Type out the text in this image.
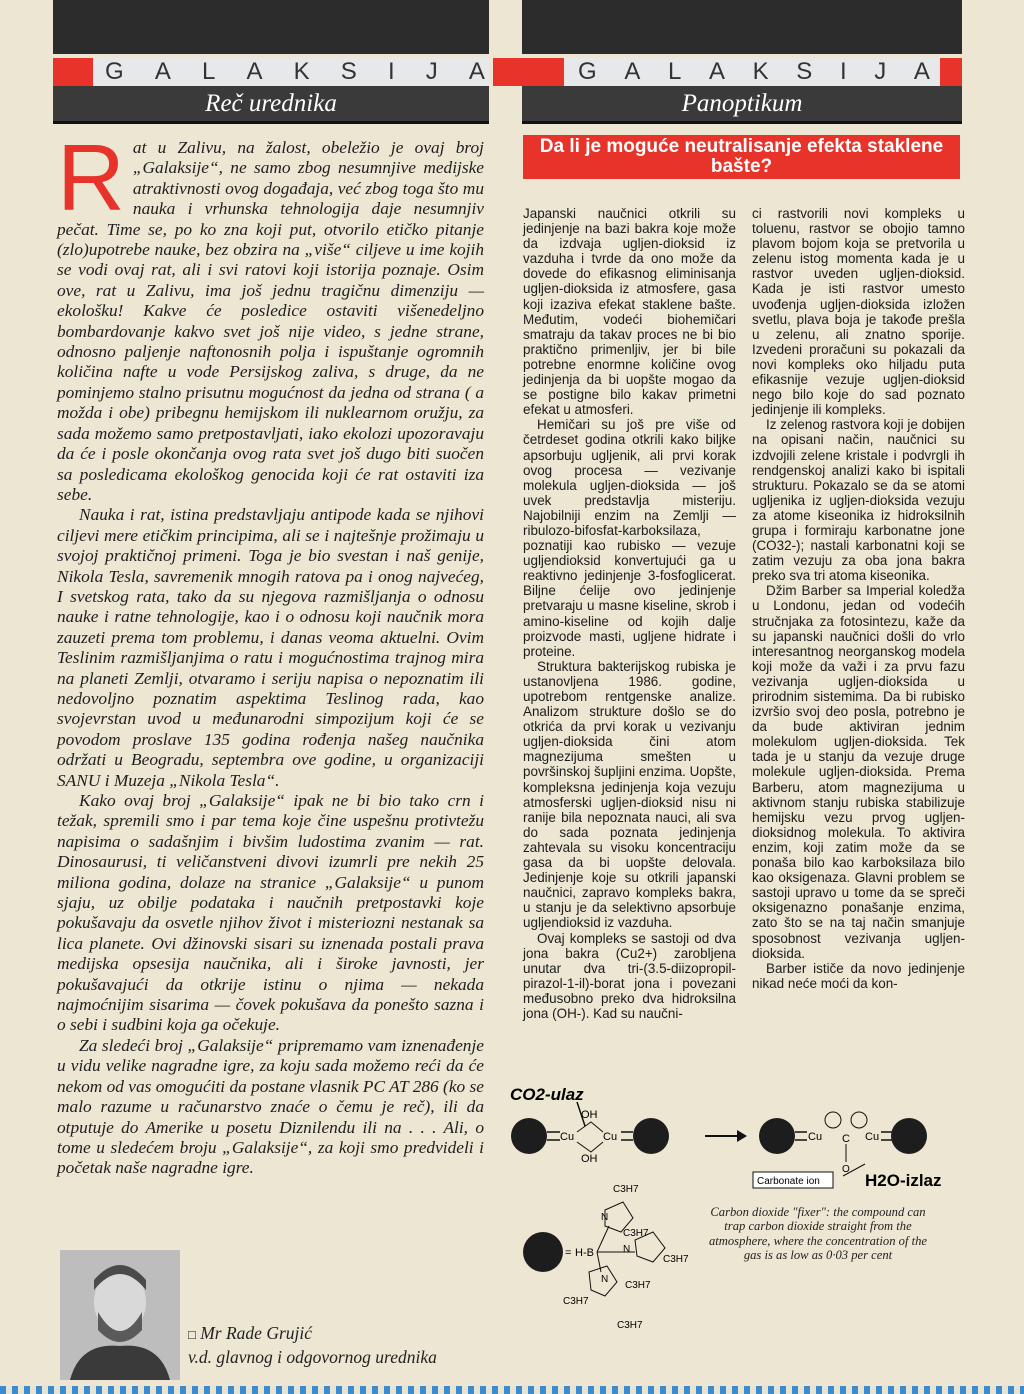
G A L A K S I J A
Reč urednika

Rat u Zalivu, na žalost, obeležio je ovaj broj „Galaksije“, ne samo zbog nesumnjive medijske atraktivnosti ovog događaja, već zbog toga što mu nauka i vrhunska tehnologija daje nesumnjiv pečat. Time se, po ko zna koji put, otvorilo etičko pitanje (zlo)upotrebe nauke, bez obzira na „više“ ciljeve u ime kojih se vodi ovaj rat, ali i svi ratovi koji istorija poznaje. Osim ove, rat u Zalivu, ima još jednu tragičnu dimenziju — ekološku! Kakve će posledice ostaviti višenedeljno bombardovanje kakvo svet još nije video, s jedne strane, odnosno paljenje naftonosnih polja i ispuštanje ogromnih količina nafte u vode Persijskog zaliva, s druge, da ne pominjemo stalno prisutnu mogućnost da jedna od strana ( a možda i obe) pribegnu hemijskom ili nuklearnom oružju, za sada možemo samo pretpostavljati, iako ekolozi upozoravaju da će i posle okončanja ovog rata svet još dugo biti suočen sa posledicama ekološkog genocida koji će rat ostaviti iza sebe.

Nauka i rat, istina predstavljaju antipode kada se njihovi ciljevi mere etičkim principima, ali se i najtešnje prožimaju u svojoj praktičnoj primeni. Toga je bio svestan i naš genije, Nikola Tesla, savremenik mnogih ratova pa i onog najvećeg, I svetskog rata, tako da su njegova razmišljanja o odnosu nauke i ratne tehnologije, kao i o odnosu koji naučnik mora zauzeti prema tom problemu, i danas veoma aktuelni. Ovim Teslinim razmišljanjima o ratu i mogućnostima trajnog mira na planeti Zemlji, otvaramo i seriju napisa o nepoznatim ili nedovoljno poznatim aspektima Teslinog rada, kao svojevrstan uvod u međunarodni simpozijum koji će se povodom proslave 135 godina rođenja našeg naučnika održati u Beogradu, septembra ove godine, u organizaciji SANU i Muzeja „Nikola Tesla“.

Kako ovaj broj „Galaksije“ ipak ne bi bio tako crn i težak, spremili smo i par tema koje čine uspešnu protivtežu napisima o sadašnjim i bivšim ludostima zvanim — rat. Dinosaurusi, ti veličanstveni divovi izumrli pre nekih 25 miliona godina, dolaze na stranice „Galaksije“ u punom sjaju, uz obilje podataka i naučnih pretpostavki koje pokušavaju da osvetle njihov život i misteriozni nestanak sa lica planete. Ovi džinovski sisari su iznenada postali prava medijska opsesija naučnika, ali i široke javnosti, jer pokušavajući da otkrije istinu o njima — nekada najmoćnijim sisarima — čovek pokušava da ponešto sazna i o sebi i sudbini koja ga očekuje.

Za sledeći broj „Galaksije“ pripremamo vam iznenađenje u vidu velike nagradne igre, za koju sada možemo reći da će nekom od vas omogućiti da postane vlasnik PC AT 286 (ko se malo razume u računarstvo znaće o čemu je reč), ili da otputuje do Amerike u posetu Diznilendu ili na . . . Ali, o tome u sledećem broju „Galaksije“, za koji smo predvideli i početak naše nagradne igre.

□ Mr Rade Grujić
v.d. glavnog i odgovornog urednika
G A L A K S I J A
Panoptikum
Da li je moguće neutralisanje efekta staklene bašte?

Japanski naučnici otkrili su jedinjenje na bazi bakra koje može da izdvaja ugljen-dioksid iz vazduha i tvrde da ono može da dovede do efikasnog eliminisanja ugljen-dioksida iz atmosfere, gasa koji izaziva efekat staklene bašte. Međutim, vodeći biohemičari smatraju da takav proces ne bi bio praktično primenljiv, jer bi bile potrebne enormne količine ovog jedinjenja da bi uopšte mogao da se postigne bilo kakav primetni efekat u atmosferi.

Hemičari su još pre više od četrdeset godina otkrili kako biljke apsorbuju ugljenik, ali prvi korak ovog procesa — vezivanje molekula ugljen-dioksida — još uvek predstavlja misteriju. Najobilniji enzim na Zemlji — ribulozo-bifosfat-karboksilaza, poznatiji kao rubisko — vezuje ugljendioksid konvertujući ga u reaktivno jedinjenje 3-fosfoglicerat. Biljne ćelije ovo jedinjenje pretvaraju u masne kiseline, skrob i amino-kiseline od kojih dalje proizvode masti, ugljene hidrate i proteine.

Struktura bakterijskog rubiska je ustanovljena 1986. godine, upotrebom rentgenske analize. Analizom strukture došlo se do otkrića da prvi korak u vezivanju ugljen-dioksida čini atom magnezijuma smešten u površinskoj šupljini enzima. Uopšte, kompleksna jedinjenja koja vezuju atmosferski ugljen-dioksid nisu ni ranije bila nepoznata nauci, ali sva do sada poznata jedinjenja zahtevala su visoku koncentraciju gasa da bi uopšte delovala. Jedinjenje koje su otkrili japanski naučnici, zapravo kompleks bakra, u stanju je da selektivno apsorbuje ugljendioksid iz vazduha.

Ovaj kompleks se sastoji od dva jona bakra (Cu2+) zarobljena unutar dva tri-(3.5-diizopropil-pirazol-1-il)-borat jona i povezani međusobno preko dva hidroksilna jona (OH-). Kad su naučni-

ci rastvorili novi kompleks u toluenu, rastvor se obojio tamno plavom bojom koja se pretvorila u zelenu istog momenta kada je u rastvor uveden ugljen-dioksid. Kada je isti rastvor umesto uvođenja ugljen-dioksida izložen svetlu, plava boja je takođe prešla u zelenu, ali znatno sporije. Izvedeni proračuni su pokazali da novi kompleks oko hiljadu puta efikasnije vezuje ugljen-dioksid nego bilo koje do sad poznato jedinjenje ili kompleks.

Iz zelenog rastvora koji je dobijen na opisani način, naučnici su izdvojili zelene kristale i podvrgli ih rendgenskoj analizi kako bi ispitali strukturu. Pokazalo se da se atomi ugljenika iz ugljen-dioksida vezuju za atome kiseonika iz hidroksilnih grupa i formiraju karbonatne jone (CO32-); nastali karbonatni koji se zatim vezuju za oba jona bakra preko sva tri atoma kiseonika.

Džim Barber sa Imperial koledža u Londonu, jedan od vodećih stručnjaka za fotosintezu, kaže da su japanski naučnici došli do vrlo interesantnog neorganskog modela koji može da važi i za prvu fazu vezivanja ugljen-dioksida u prirodnim sistemima. Da bi rubisko izvršio svoj deo posla, potrebno je da bude aktiviran jednim molekulom ugljen-dioksida. Tek tada je u stanju da vezuje druge molekule ugljen-dioksida. Prema Barberu, atom magnezijuma u aktivnom stanju rubiska stabilizuje hemijsku vezu prvog ugljen-dioksidnog molekula. To aktivira enzim, koji zatim može da se ponaša bilo kao karboksilaza bilo kao oksigenaza. Glavni problem se sastoji upravo u tome da se spreči oksigenazno ponašanje enzima, zato što se na taj način smanjuje sposobnost vezivanja ugljen-dioksida.

Barber ističe da novo jedinjenje nikad neće moći da kon-

CO2-ulaz
Cu
OH
OH
Cu	Cu C
O
Cu
Carbonate ion	H2O-izlaz
= H-B
C3H7
C3H7
C3H7
C3H7
C3H7
C3H7
N
N
N
Carbon dioxide "fixer": the compound can trap carbon dioxide straight from the atmosphere, where the concentration of the gas is as low as 0·03 per cent
